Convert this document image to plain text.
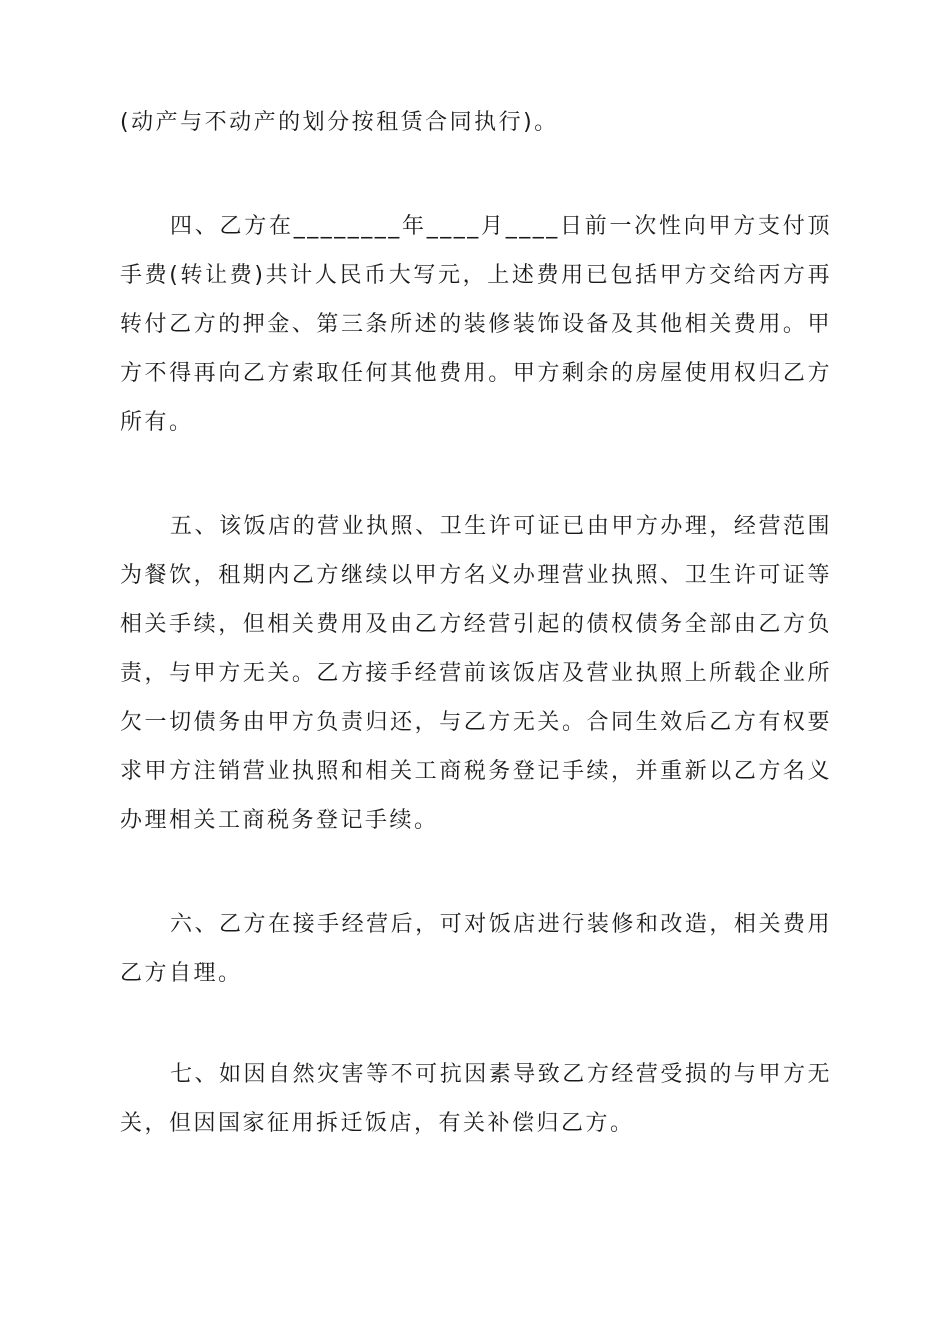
(动产与不动产的划分按租赁合同执行)。

四、乙方在________年____月____日前一次性向甲方支付顶手费(转让费)共计人民币大写元，上述费用已包括甲方交给丙方再转付乙方的押金、第三条所述的装修装饰设备及其他相关费用。甲方不得再向乙方索取任何其他费用。甲方剩余的房屋使用权归乙方所有。

五、该饭店的营业执照、卫生许可证已由甲方办理，经营范围为餐饮，租期内乙方继续以甲方名义办理营业执照、卫生许可证等相关手续，但相关费用及由乙方经营引起的债权债务全部由乙方负责，与甲方无关。乙方接手经营前该饭店及营业执照上所载企业所欠一切债务由甲方负责归还，与乙方无关。合同生效后乙方有权要求甲方注销营业执照和相关工商税务登记手续，并重新以乙方名义办理相关工商税务登记手续。

六、乙方在接手经营后，可对饭店进行装修和改造，相关费用乙方自理。

七、如因自然灾害等不可抗因素导致乙方经营受损的与甲方无关，但因国家征用拆迁饭店，有关补偿归乙方。
